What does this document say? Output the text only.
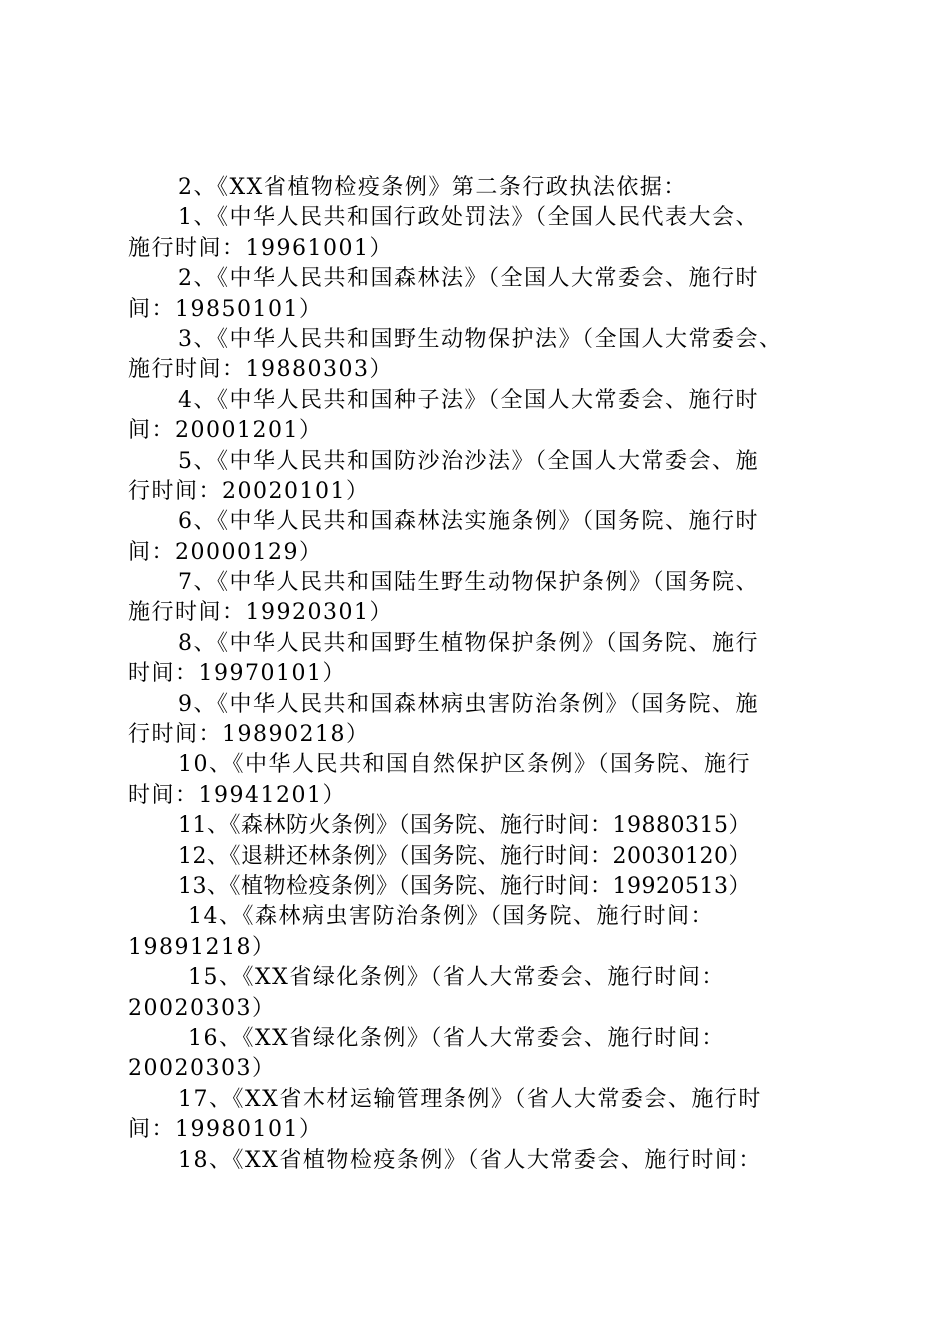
2、《XX省植物检疫条例》第二条行政执法依据：
1、《中华人民共和国行政处罚法》（全国人民代表大会、
施行时间：19961001）
2、《中华人民共和国森林法》（全国人大常委会、施行时
间：19850101）
3、《中华人民共和国野生动物保护法》（全国人大常委会、
施行时间：19880303）
4、《中华人民共和国种子法》（全国人大常委会、施行时
间：20001201）
5、《中华人民共和国防沙治沙法》（全国人大常委会、施
行时间：20020101）
6、《中华人民共和国森林法实施条例》（国务院、施行时
间：20000129）
7、《中华人民共和国陆生野生动物保护条例》（国务院、
施行时间：19920301）
8、《中华人民共和国野生植物保护条例》（国务院、施行
时间：19970101）
9、《中华人民共和国森林病虫害防治条例》（国务院、施
行时间：19890218）
10、《中华人民共和国自然保护区条例》（国务院、施行
时间：19941201）
11、《森林防火条例》（国务院、施行时间：19880315）
12、《退耕还林条例》（国务院、施行时间：20030120）
13、《植物检疫条例》（国务院、施行时间：19920513）
14、《森林病虫害防治条例》（国务院、施行时间：
19891218）
15、《XX省绿化条例》（省人大常委会、施行时间：
20020303）
16、《XX省绿化条例》（省人大常委会、施行时间：
20020303）
17、《XX省木材运输管理条例》（省人大常委会、施行时
间：19980101）
18、《XX省植物检疫条例》（省人大常委会、施行时间：
